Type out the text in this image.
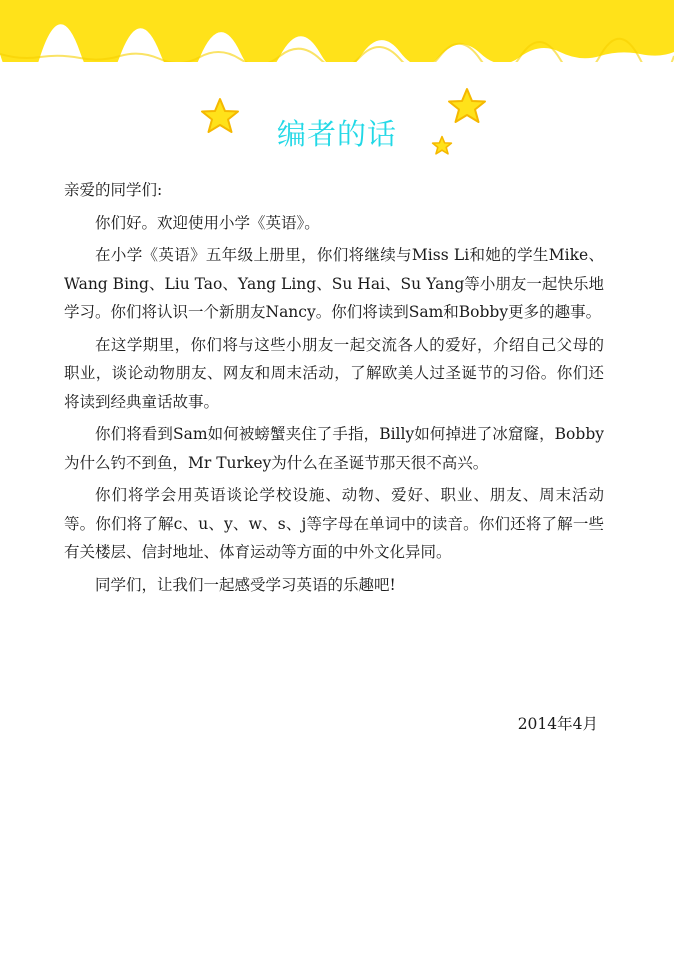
编者的话

亲爱的同学们:

你们好。欢迎使用小学《英语》。

在小学《英语》五年级上册里，你们将继续与Miss Li和她的学生Mike、Wang Bing、Liu Tao、Yang Ling、Su Hai、Su Yang等小朋友一起快乐地学习。你们将认识一个新朋友Nancy。你们将读到Sam和Bobby更多的趣事。

在这学期里，你们将与这些小朋友一起交流各人的爱好，介绍自己父母的职业，谈论动物朋友、网友和周末活动，了解欧美人过圣诞节的习俗。你们还将读到经典童话故事。

你们将看到Sam如何被螃蟹夹住了手指，Billy如何掉进了冰窟窿，Bobby为什么钓不到鱼，Mr Turkey为什么在圣诞节那天很不高兴。

你们将学会用英语谈论学校设施、动物、爱好、职业、朋友、周末活动等。你们将了解c、u、y、w、s、j等字母在单词中的读音。你们还将了解一些有关楼层、信封地址、体育运动等方面的中外文化异同。

同学们，让我们一起感受学习英语的乐趣吧!

2014年4月
